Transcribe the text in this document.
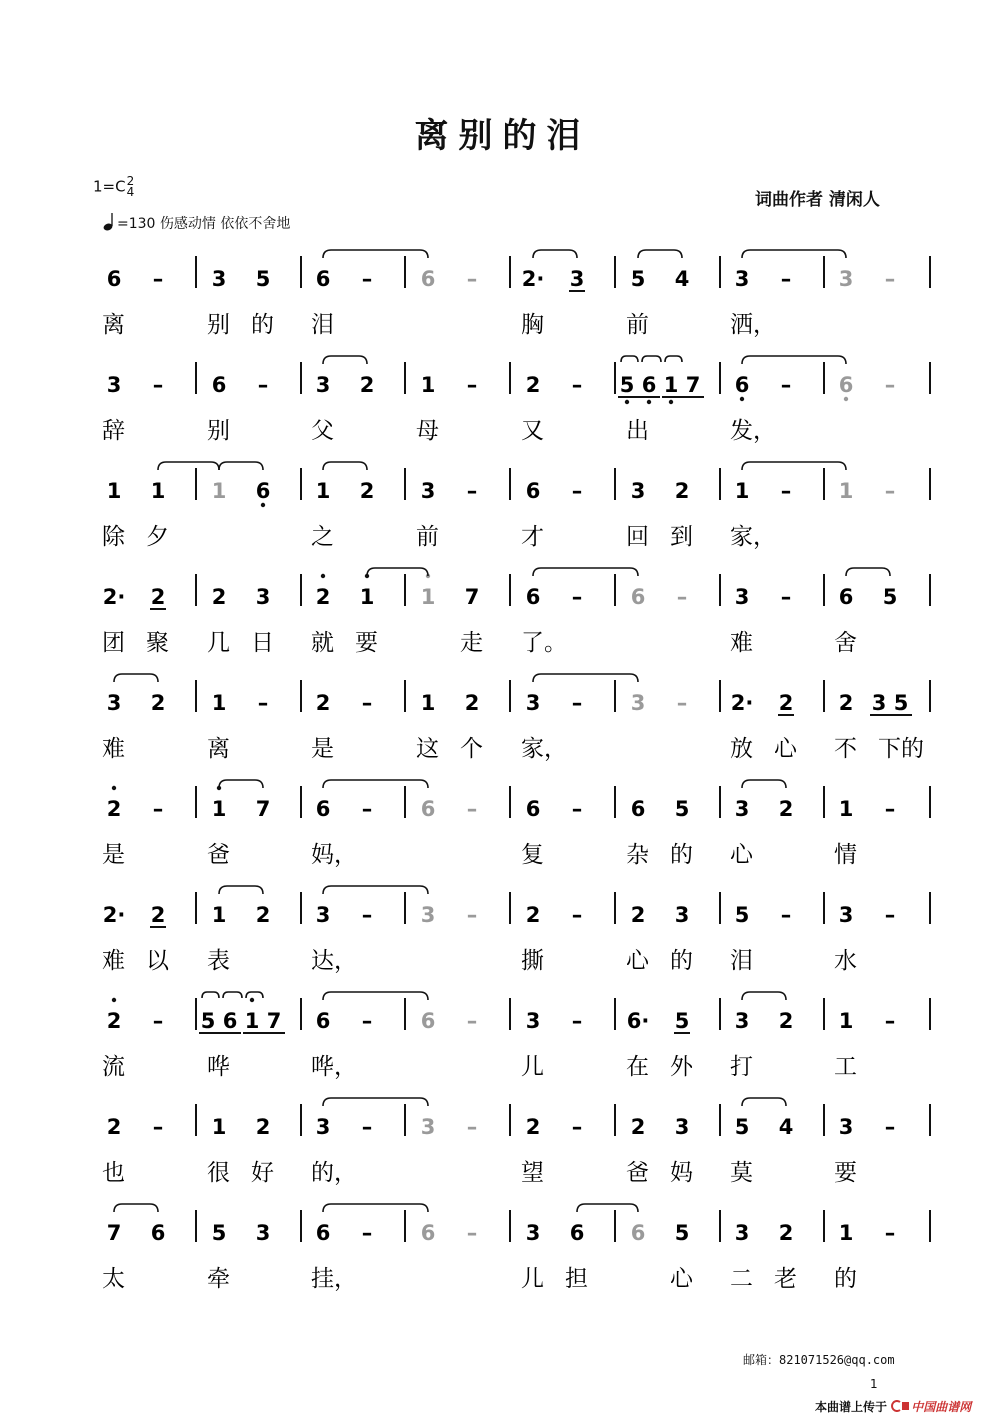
离别的泪
1=C 2
4
=130 伤感动情 依依不舍地
词曲作者 清闲人
6 – 3 5 6 – 6 – 2· 3 5 4 3 – 3 –
离	别 的 泪	胸	前	洒，
3 – 6 – 3 2 1 – 2 – 5 6 1 7 6 – 6 –
辞	别	父	母	又	出	发，
1 1 1 6 1 2 3 – 6 – 3 2 1 – 1 –
除 夕	之	前	才	回 到 家，
2· 2 2 3 2 1 1 7 6 – 6 – 3 – 6 5
团 聚 几 日 就 要	走 了。	难	舍
3 2 1 – 2 – 1 2 3 – 3 – 2· 2 2 3 5
难	离	是	这 个 家，	放 心 不 下的
2 – 1 7 6 – 6 – 6 – 6 5 3 2 1 –
是	爸	妈，	复	杂 的 心	情
2· 2 1 2 3 – 3 – 2 – 2 3 5 – 3 –
难 以 表	达，	撕	心 的 泪	水
2 – 5 6 1 7 6 – 6 – 3 – 6· 5 3 2 1 –
流	哗	哗，	儿	在 外 打	工
2 – 1 2 3 – 3 – 2 – 2 3 5 4 3 –
也	很 好 的，	望	爸 妈 莫	要
7 6 5 3 6 – 6 – 3 6 6 5 3 2 1 –
太	牵	挂，	儿 担	心 二 老 的
邮箱：821071526@qq.com
1
本曲谱上传于 中国曲谱网
